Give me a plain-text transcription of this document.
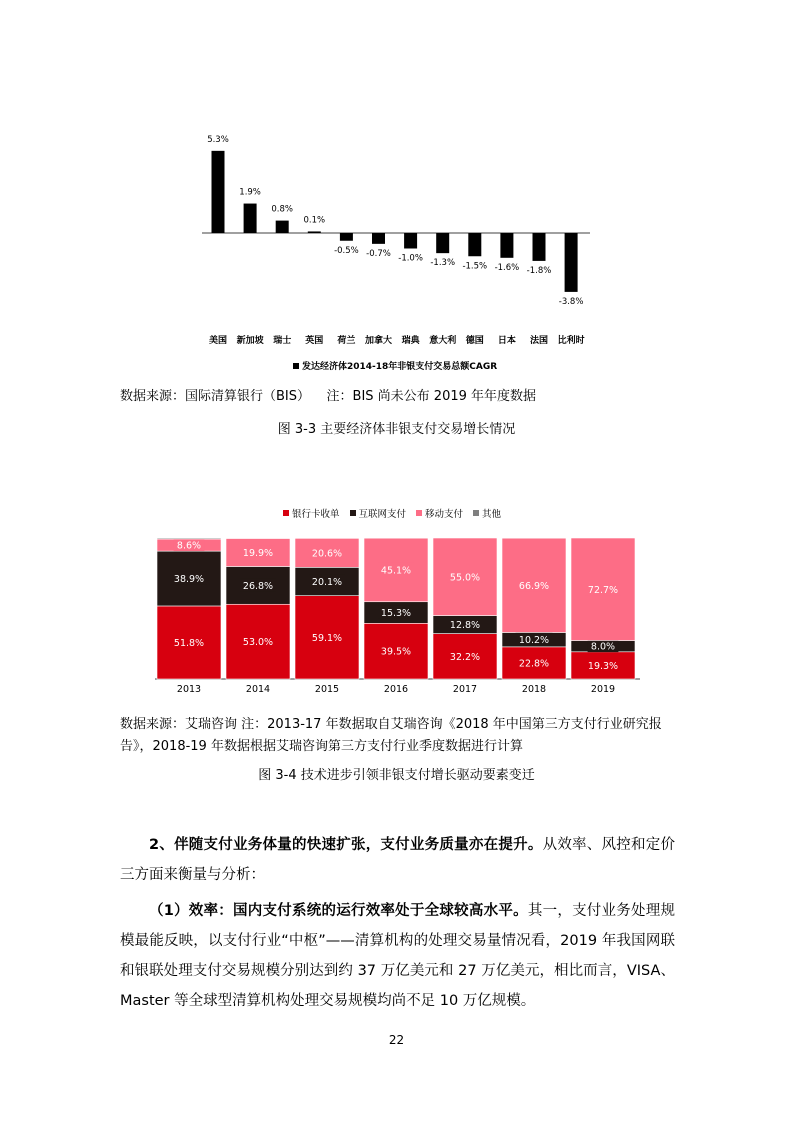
5.3%
美国
1.9%
新加坡
0.8%
瑞士
0.1%
英国
-0.5%
荷兰
-0.7%
加拿大
-1.0%
瑞典
-1.3%
意大利
-1.5%
德国
-1.6%
日本
-1.8%
法国
-3.8%
比利时
发达经济体2014-18年非银支付交易总额CAGR
数据来源：国际清算银行（BIS）    注：BIS 尚未公布 2019 年年度数据
图 3-3 主要经济体非银支付交易增长情况
银行卡收单 互联网支付 移动支付 其他
51.8%
38.9%
8.6%
2013
53.0%
26.8%
19.9%
2014
59.1%
20.1%
20.6%
2015
39.5%
15.3%
45.1%
2016
32.2%
12.8%
55.0%
2017
22.8%
10.2%
66.9%
2018
19.3%
8.0%
72.7%
2019
数据来源：艾瑞咨询 注：2013-17 年数据取自艾瑞咨询《2018 年中国第三方支付行业研究报告》，2018-19 年数据根据艾瑞咨询第三方支付行业季度数据进行计算
图 3-4 技术进步引领非银支付增长驱动要素变迁
2、伴随支付业务体量的快速扩张，支付业务质量亦在提升。从效率、风控和定价三方面来衡量与分析：
（1）效率：国内支付系统的运行效率处于全球较高水平。其一，支付业务处理规模最能反映，以支付行业“中枢”——清算机构的处理交易量情况看，2019 年我国网联和银联处理支付交易规模分别达到约 37 万亿美元和 27 万亿美元，相比而言，VISA、Master 等全球型清算机构处理交易规模均尚不足 10 万亿规模。
22
